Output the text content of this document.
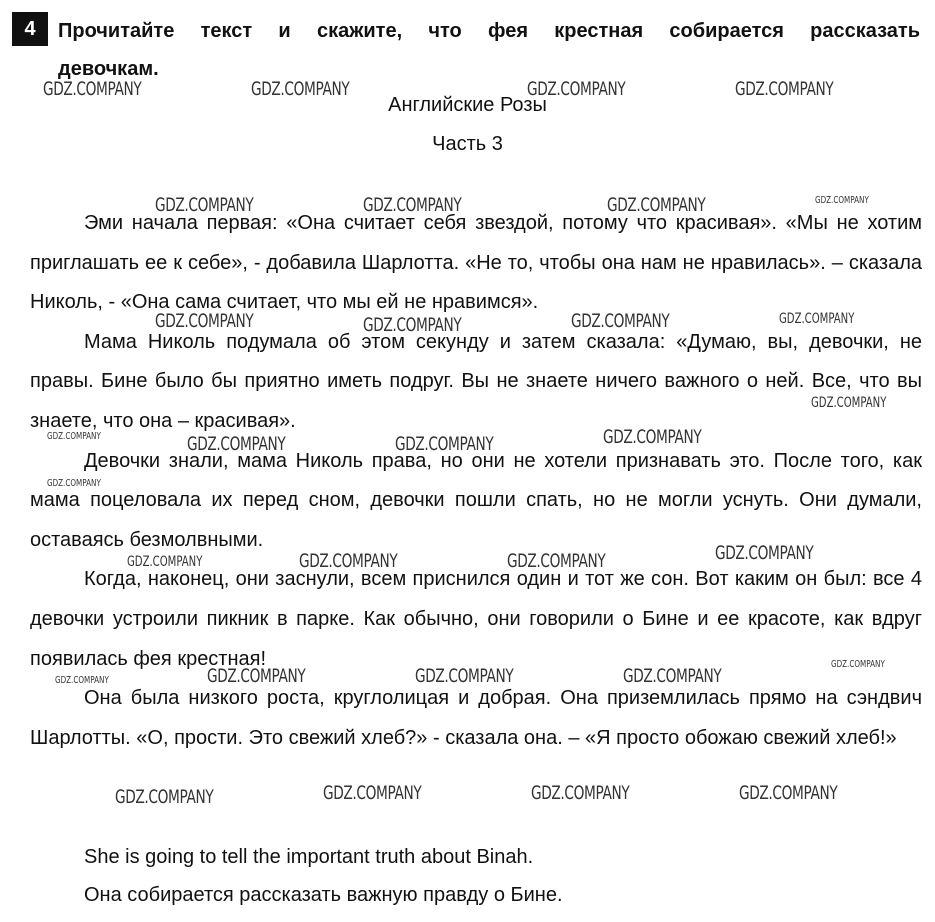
4	Прочитайте текст и скажите, что фея крестная собирается рассказать
девочкам.

Английские Розы
Часть 3

Эми начала первая: «Она считает себя звездой, потому что красивая». «Мы не хотим приглашать ее к себе», - добавила Шарлотта. «Не то, чтобы она нам не нравилась». – сказала Николь, - «Она сама считает, что мы ей не нравимся».

Мама Николь подумала об этом секунду и затем сказала: «Думаю, вы, девочки, не правы. Бине было бы приятно иметь подруг. Вы не знаете ничего важного о ней. Все, что вы знаете, что она – красивая».

Девочки знали, мама Николь права, но они не хотели признавать это. После того, как мама поцеловала их перед сном, девочки пошли спать, но не могли уснуть. Они думали, оставаясь безмолвными.

Когда, наконец, они заснули, всем приснился один и тот же сон. Вот каким он был: все 4 девочки устроили пикник в парке. Как обычно, они говорили о Бине и ее красоте, как вдруг появилась фея крестная!

Она была низкого роста, круглолицая и добрая. Она приземлилась прямо на сэндвич Шарлотты. «О, прости. Это свежий хлеб?» - сказала она. – «Я просто обожаю свежий хлеб!»

She is going to tell the important truth about Binah.

Она собирается рассказать важную правду о Бине.

GDZ.COMPANY	GDZ.COMPANY	GDZ.COMPANY	GDZ.COMPANY
GDZ.COMPANY	GDZ.COMPANY	GDZ.COMPANY	GDZ.COMPANY
GDZ.COMPANY	GDZ.COMPANY	GDZ.COMPANY	GDZ.COMPANY
GDZ.COMPANY
GDZ.COMPANY	GDZ.COMPANY	GDZ.COMPANY	GDZ.COMPANY
GDZ.COMPANY
GDZ.COMPANY	GDZ.COMPANY	GDZ.COMPANY	GDZ.COMPANY
GDZ.COMPANY	GDZ.COMPANY	GDZ.COMPANY	GDZ.COMPANY
GDZ.COMPANY
GDZ.COMPANY	GDZ.COMPANY	GDZ.COMPANY	GDZ.COMPANY
